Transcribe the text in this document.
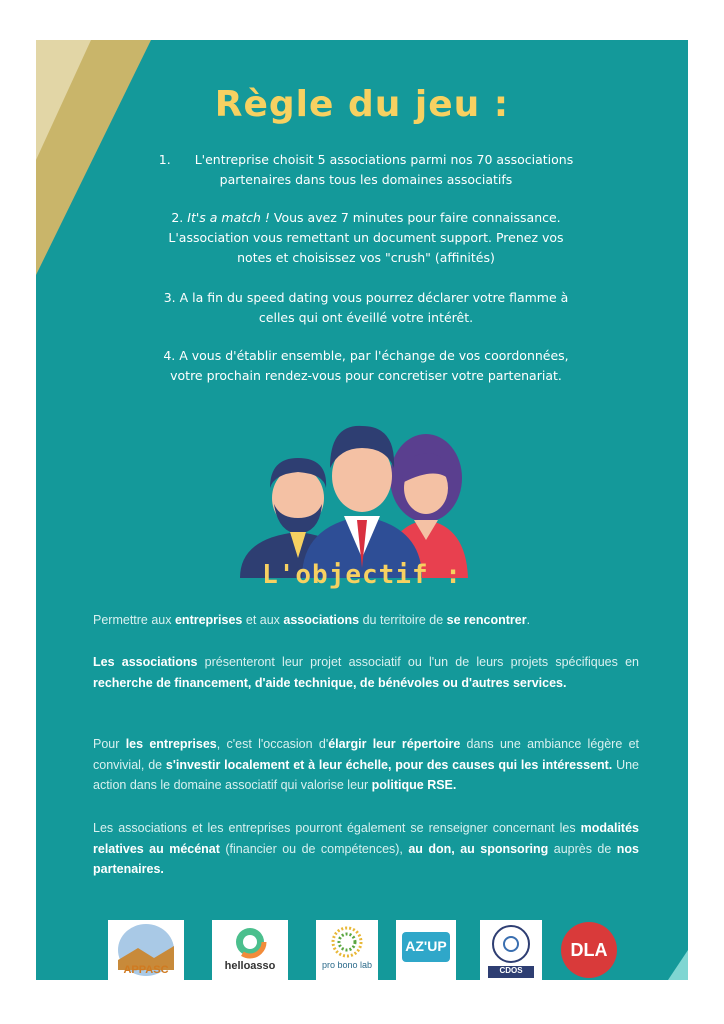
Règle du jeu :
1. L'entreprise choisit 5 associations parmi nos 70 associations
partenaires dans tous les domaines associatifs
2. It's a match ! Vous avez 7 minutes pour faire connaissance.
L'association vous remettant un document support. Prenez vos
notes et choisissez vos "crush" (affinités)
3. A la fin du speed dating vous pourrez déclarer votre flamme à
celles qui ont éveillé votre intérêt.
4. A vous d'établir ensemble, par l'échange de vos coordonnées,
votre prochain rendez-vous pour concretiser votre partenariat.
L'objectif :
Permettre aux entreprises et aux associations du territoire de se rencontrer.
Les associations présenteront leur projet associatif ou l'un de leurs projets spécifiques en recherche de financement, d'aide technique, de bénévoles ou d'autres services.
Pour les entreprises, c'est l'occasion d'élargir leur répertoire dans une ambiance légère et convivial, de s'investir localement et à leur échelle, pour des causes qui les intéressent. Une action dans le domaine associatif qui valorise leur politique RSE.
Les associations et les entreprises pourront également se renseigner concernant les modalités relatives au mécénat (financier ou de compétences), au don, au sponsoring auprès de nos partenaires.
APPASC	helloasso	pro bono lab
AZ'UP
CDOS
DLA
